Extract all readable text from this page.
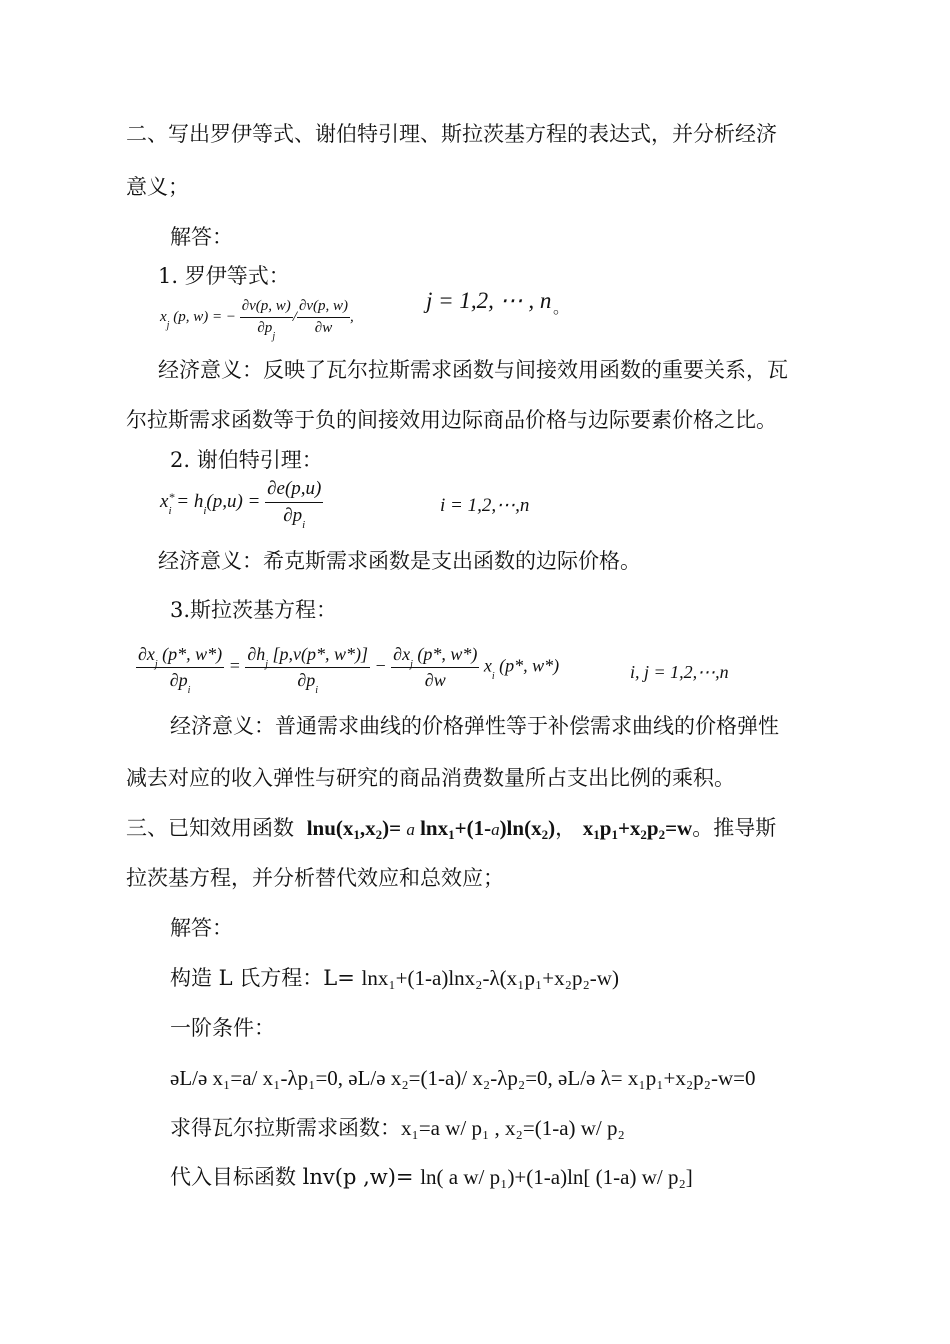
二、写出罗伊等式、谢伯特引理、斯拉茨基方程的表达式，并分析经济
意义；
解答：
1. 罗伊等式：
$x_j$ (p, w) = − $\frac{\partial v(p, w)}{\partial p_j} / \frac{\partial v(p, w)}{\partial w}$ ,
j = 1,2, ⋯ , n 。
经济意义：反映了瓦尔拉斯需求函数与间接效用函数的重要关系，瓦
尔拉斯需求函数等于负的间接效用边际商品价格与边际要素价格之比。
2. 谢伯特引理：
$x^*_i = h_i(p,u) = \frac{\partial e(p,u)}{\partial p_i}$	i = 1,2,⋯,n
经济意义：希克斯需求函数是支出函数的边际价格。
3.斯拉茨基方程：
$\frac{\partial x_j (p*, w*)}{\partial p_i} = \frac{\partial h_j [p,v(p*, w*)]}{\partial p_i} - \frac{\partial x_j (p*, w*)}{\partial w} x_i$ (p*, w*)	i, j = 1,2,⋯,n
经济意义：普通需求曲线的价格弹性等于补偿需求曲线的价格弹性
减去对应的收入弹性与研究的商品消费数量所占支出比例的乘积。
三、已知效用函数 $\ln u(x_1,x_2)= a$ $\ln x_1+(1-a)\ln(x_2)$， $x_1p_1+x_2p_2=w$。推导斯
拉茨基方程，并分析替代效应和总效应；
解答：
构造 L 氏方程：L= lnx₁+(1-a)lnx₂-λ(x₁p₁+x₂p₂-w)
一阶条件：
əL/ə x₁=a/ x₁-λp₁=0, əL/ə x₂=(1-a)/ x₂-λp₂=0, əL/ə λ= x₁p₁+x₂p₂-w=0
求得瓦尔拉斯需求函数：x₁=a w/ p₁ , x₂=(1-a) w/ p₂
代入目标函数 lnv(p ,w)= ln( a w/ p₁)+(1-a)ln[ (1-a) w/ p₂]
